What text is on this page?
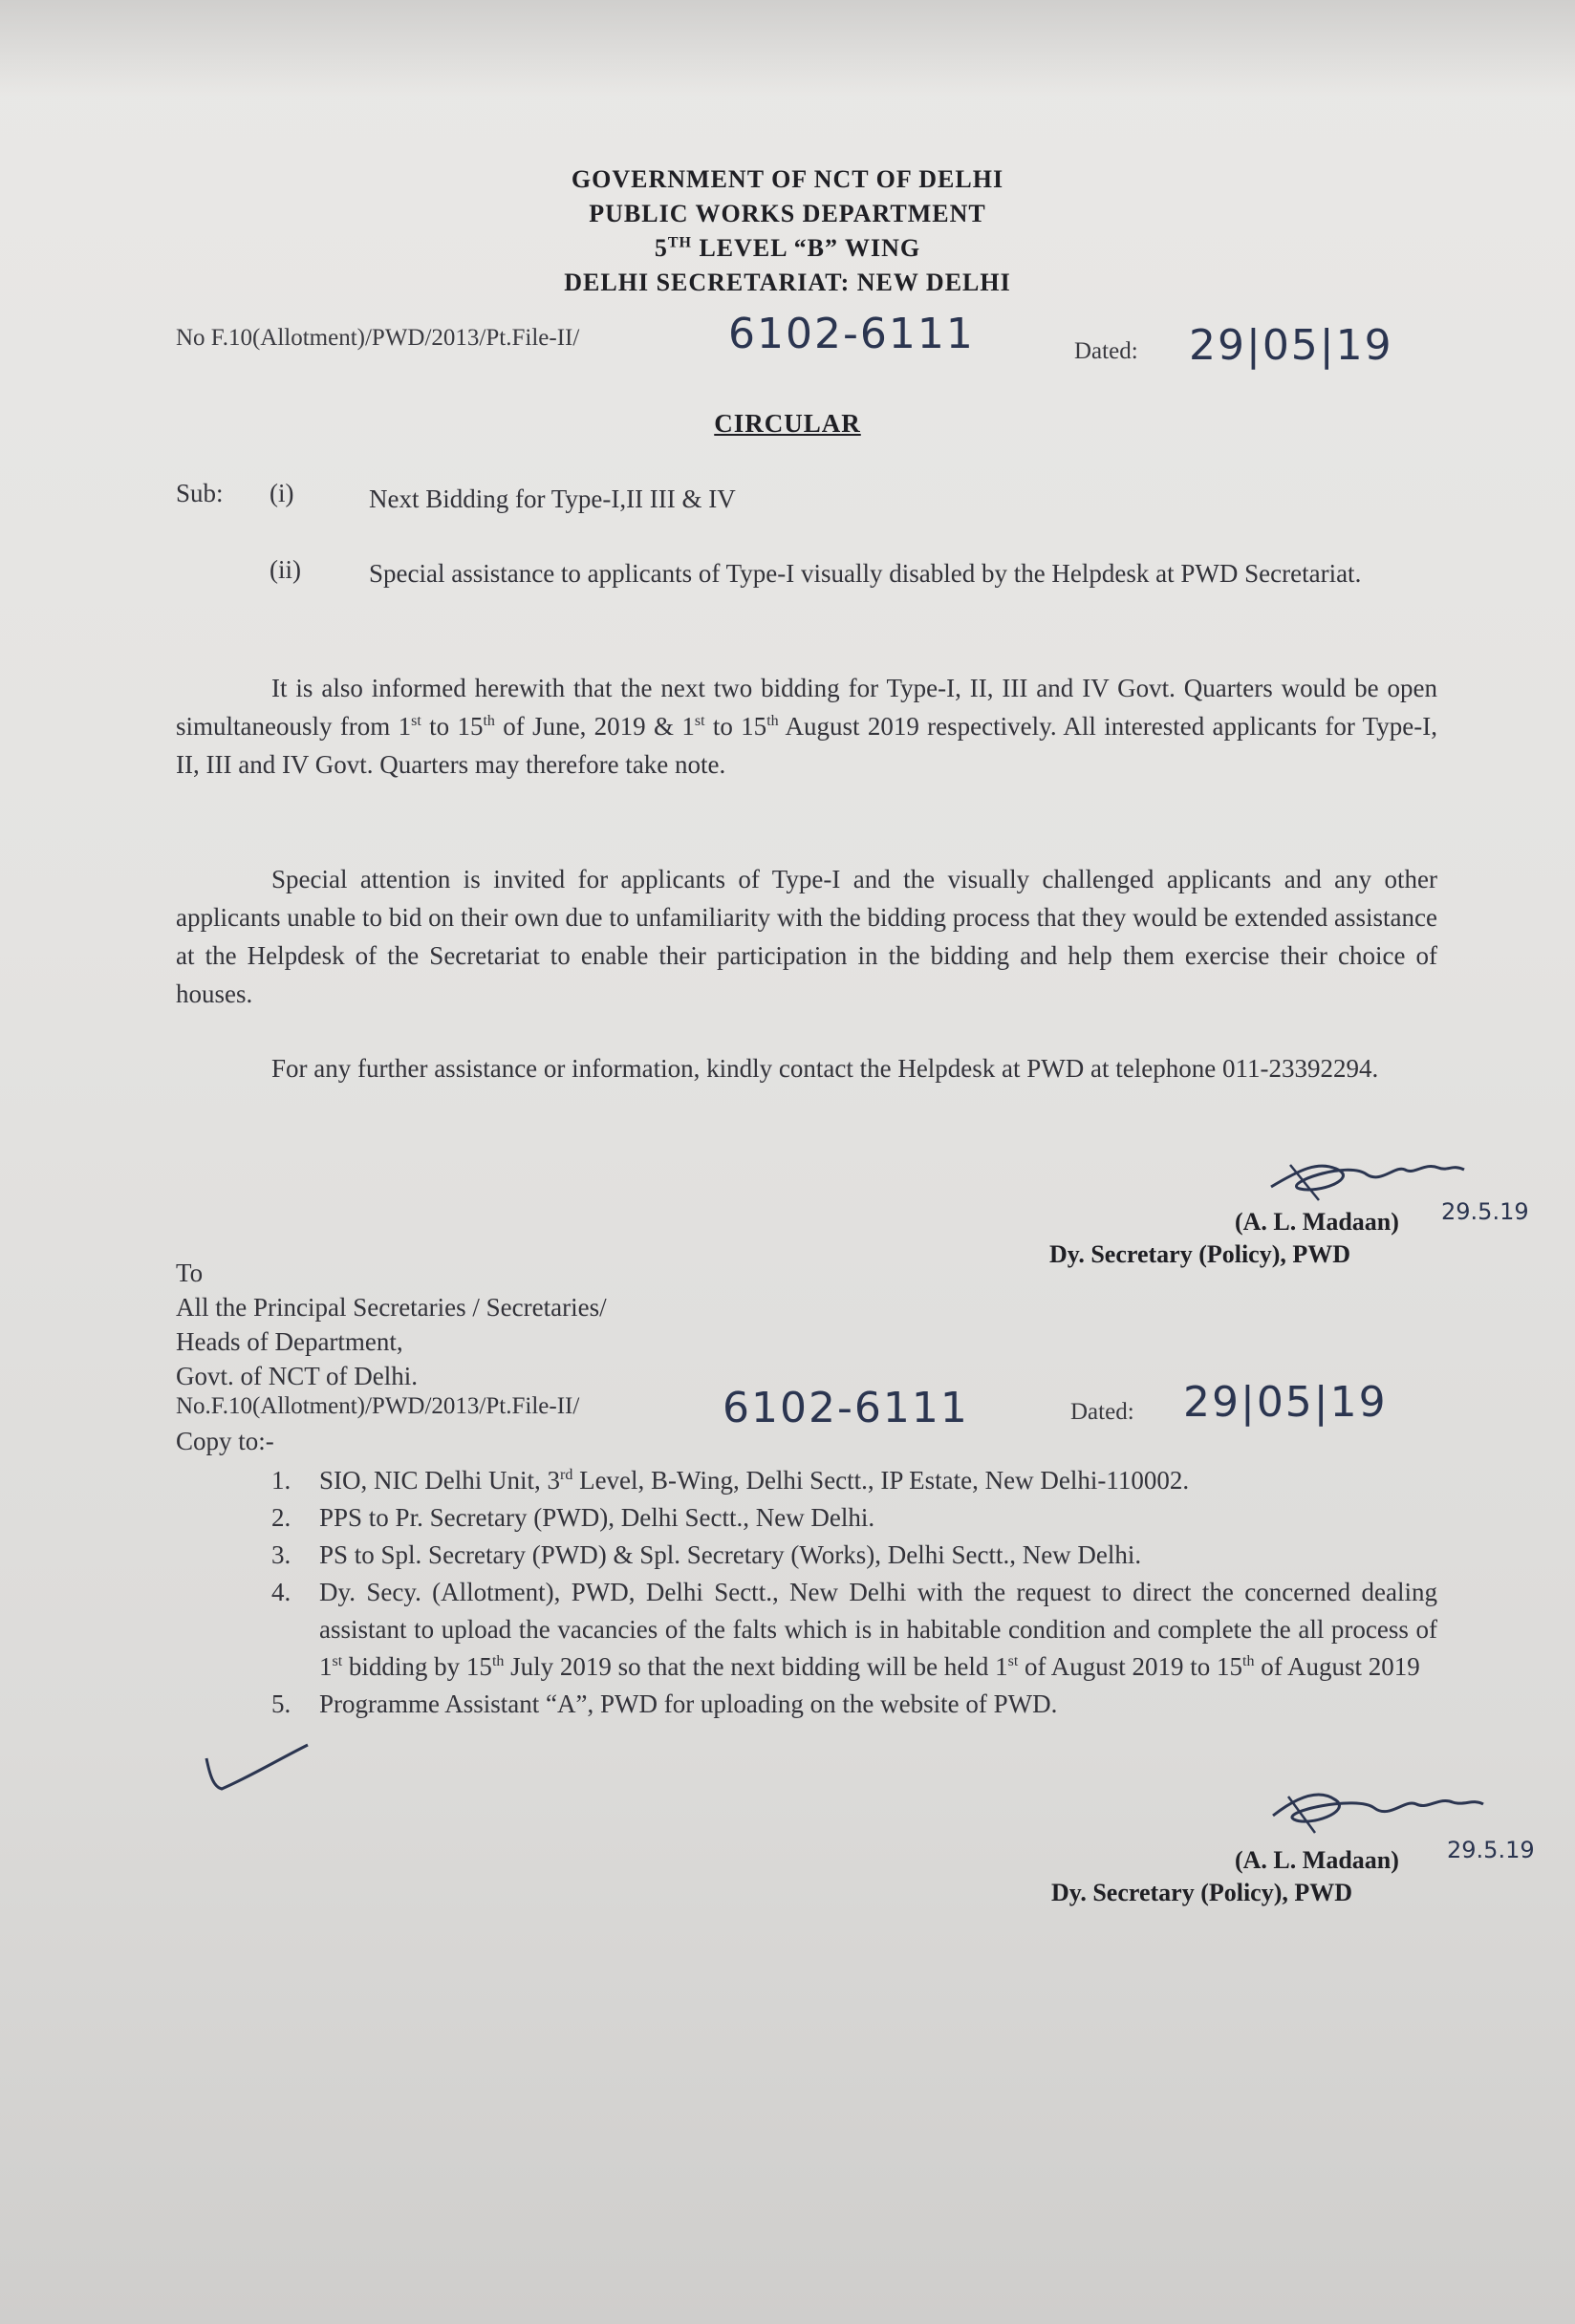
GOVERNMENT OF NCT OF DELHI
PUBLIC WORKS DEPARTMENT
5TH LEVEL “B” WING
DELHI SECRETARIAT: NEW DELHI
No F.10(Allotment)/PWD/2013/Pt.File-II/	6102-6111	Dated: 29|05|19
CIRCULAR
Sub: (i)	Next Bidding for Type-I,II III & IV
(ii)	Special assistance to applicants of Type-I visually disabled by the Helpdesk at PWD Secretariat.
It is also informed herewith that the next two bidding for Type-I, II, III and IV Govt. Quarters would be open simultaneously from 1st to 15th of June, 2019 & 1st to 15th August 2019 respectively. All interested applicants for Type-I, II, III and IV Govt. Quarters may therefore take note.
Special attention is invited for applicants of Type-I and the visually challenged applicants and any other applicants unable to bid on their own due to unfamiliarity with the bidding process that they would be extended assistance at the Helpdesk of the Secretariat to enable their participation in the bidding and help them exercise their choice of houses.
For any further assistance or information, kindly contact the Helpdesk at PWD at telephone 011-23392294.
(A. L. Madaan) 29.5.19
Dy. Secretary (Policy), PWD
To
All the Principal Secretaries / Secretaries/
Heads of Department,
Govt. of NCT of Delhi.
No.F.10(Allotment)/PWD/2013/Pt.File-II/	6102-6111	Dated: 29|05|19
Copy to:-
1.	SIO, NIC Delhi Unit, 3rd Level, B-Wing, Delhi Sectt., IP Estate, New Delhi-110002.
2.	PPS to Pr. Secretary (PWD), Delhi Sectt., New Delhi.
3.	PS to Spl. Secretary (PWD) & Spl. Secretary (Works), Delhi Sectt., New Delhi.
4.	Dy. Secy. (Allotment), PWD, Delhi Sectt., New Delhi with the request to direct the concerned dealing assistant to upload the vacancies of the falts which is in habitable condition and complete the all process of 1st bidding by 15th July 2019 so that the next bidding will be held 1st of August 2019 to 15th of August 2019
5.	Programme Assistant “A”, PWD for uploading on the website of PWD.
(A. L. Madaan) 29.5.19
Dy. Secretary (Policy), PWD
